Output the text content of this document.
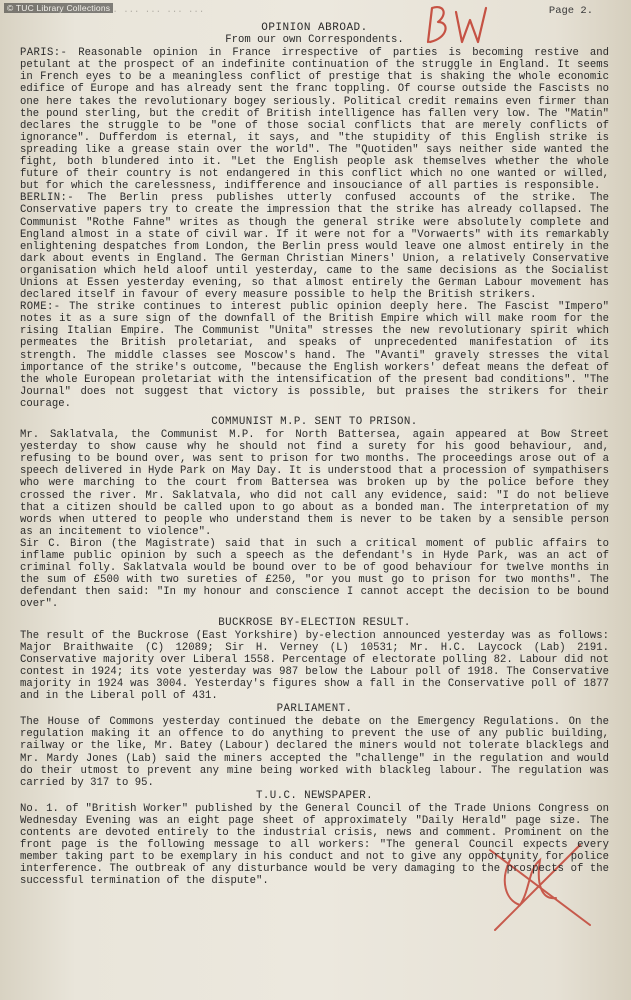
© TUC Library Collections
... ... ... ... ... ...	Page 2.
OPINION ABROAD.
From our own Correspondents.

PARIS:- Reasonable opinion in France irrespective of parties is becoming restive and petulant at the prospect of an indefinite continuation of the struggle in England. It seems in French eyes to be a meaningless conflict of prestige that is shaking the whole economic edifice of Europe and has already sent the franc toppling. Of course outside the Fascists no one here takes the revolutionary bogey seriously. Political credit remains even firmer than the pound sterling, but the credit of British intelligence has fallen very low. The "Matin" declares the struggle to be "one of those social conflicts that are merely conflicts of ignorance". Dufferdom is eternal, it says, and "the stupidity of this English strike is spreading like a grease stain over the world". The "Quotiden" says neither side wanted the fight, both blundered into it. "Let the English people ask themselves whether the whole future of their country is not endangered in this conflict which no one wanted or willed, but for which the carelessness, indifference and insouciance of all parties is responsible.

BERLIN:- The Berlin press publishes utterly confused accounts of the strike. The Conservative papers try to create the impression that the strike has already collapsed. The Communist "Rothe Fahne" writes as though the general strike were absolutely complete and England almost in a state of civil war. If it were not for a "Vorwaerts" with its remarkably enlightening despatches from London, the Berlin press would leave one almost entirely in the dark about events in England. The German Christian Miners' Union, a relatively Conservative organisation which held aloof until yesterday, came to the same decisions as the Socialist Unions at Essen yesterday evening, so that almost entirely the German Labour movement has declared itself in favour of every measure possible to help the British strikers.

ROME:- The strike continues to interest public opinion deeply here. The Fascist "Impero" notes it as a sure sign of the downfall of the British Empire which will make room for the rising Italian Empire. The Communist "Unita" stresses the new revolutionary spirit which permeates the British proletariat, and speaks of unprecedented manifestation of its strength. The middle classes see Moscow's hand. The "Avanti" gravely stresses the vital importance of the strike's outcome, "because the English workers' defeat means the defeat of the whole European proletariat with the intensification of the present bad conditions". "The Journal" does not suggest that victory is possible, but praises the strikers for their courage.

COMMUNIST M.P. SENT TO PRISON.

Mr. Saklatvala, the Communist M.P. for North Battersea, again appeared at Bow Street yesterday to show cause why he should not find a surety for his good behaviour, and, refusing to be bound over, was sent to prison for two months. The proceedings arose out of a speech delivered in Hyde Park on May Day. It is understood that a procession of sympathisers who were marching to the court from Battersea was broken up by the police before they crossed the river. Mr. Saklatvala, who did not call any evidence, said: "I do not believe that a citizen should be called upon to go about as a bonded man. The interpretation of my words when uttered to people who understand them is never to be taken by a sensible person as an incitement to violence".

Sir C. Biron (the Magistrate) said that in such a critical moment of public affairs to inflame public opinion by such a speech as the defendant's in Hyde Park, was an act of criminal folly. Saklatvala would be bound over to be of good behaviour for twelve months in the sum of £500 with two sureties of £250, "or you must go to prison for two months". The defendant then said: "In my honour and conscience I cannot accept the decision to be bound over".

BUCKROSE BY-ELECTION RESULT.

The result of the Buckrose (East Yorkshire) by-election announced yesterday was as follows: Major Braithwaite (C) 12089; Sir H. Verney (L) 10531; Mr. H.C. Laycock (Lab) 2191. Conservative majority over Liberal 1558. Percentage of electorate polling 82. Labour did not contest in 1924; its vote yesterday was 987 below the Labour poll of 1918. The Conservative majority in 1924 was 3004. Yesterday's figures show a fall in the Conservative poll of 1877 and in the Liberal poll of 431.

PARLIAMENT.

The House of Commons yesterday continued the debate on the Emergency Regulations. On the regulation making it an offence to do anything to prevent the use of any public building, railway or the like, Mr. Batey (Labour) declared the miners would not tolerate blacklegs and Mr. Mardy Jones (Lab) said the miners accepted the "challenge" in the regulation and would do their utmost to prevent any mine being worked with blackleg labour. The regulation was carried by 317 to 95.

T.U.C. NEWSPAPER.

No. 1. of "British Worker" published by the General Council of the Trade Unions Congress on Wednesday Evening was an eight page sheet of approximately "Daily Herald" page size. The contents are devoted entirely to the industrial crisis, news and comment. Prominent on the front page is the following message to all workers: "The general Council expects every member taking part to be exemplary in his conduct and not to give any opportunity for police interference. The outbreak of any disturbance would be very damaging to the prospects of the successful termination of the dispute".
